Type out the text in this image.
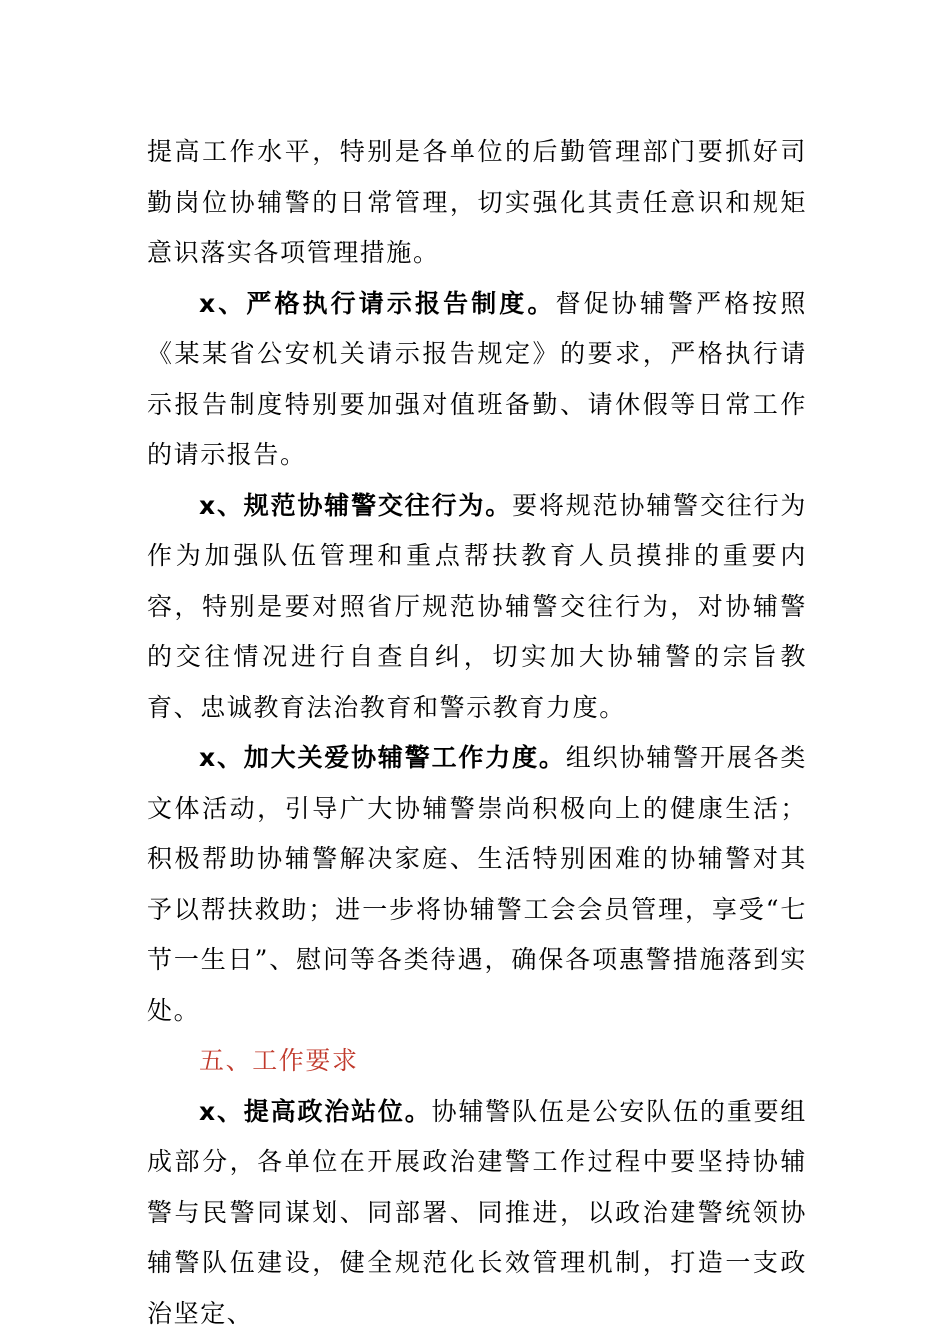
提高工作水平，特别是各单位的后勤管理部门要抓好司勤岗位协辅警的日常管理，切实强化其责任意识和规矩意识落实各项管理措施。

x、严格执行请示报告制度。督促协辅警严格按照《某某省公安机关请示报告规定》的要求，严格执行请示报告制度特别要加强对值班备勤、请休假等日常工作的请示报告。

x、规范协辅警交往行为。要将规范协辅警交往行为作为加强队伍管理和重点帮扶教育人员摸排的重要内容，特别是要对照省厅规范协辅警交往行为，对协辅警的交往情况进行自查自纠，切实加大协辅警的宗旨教育、忠诚教育法治教育和警示教育力度。

x、加大关爱协辅警工作力度。组织协辅警开展各类文体活动，引导广大协辅警崇尚积极向上的健康生活；积极帮助协辅警解决家庭、生活特别困难的协辅警对其予以帮扶救助；进一步将协辅警工会会员管理，享受“七节一生日”、慰问等各类待遇，确保各项惠警措施落到实处。

五、工作要求

x、提高政治站位。协辅警队伍是公安队伍的重要组成部分，各单位在开展政治建警工作过程中要坚持协辅警与民警同谋划、同部署、同推进，以政治建警统领协辅警队伍建设，健全规范化长效管理机制，打造一支政治坚定、
